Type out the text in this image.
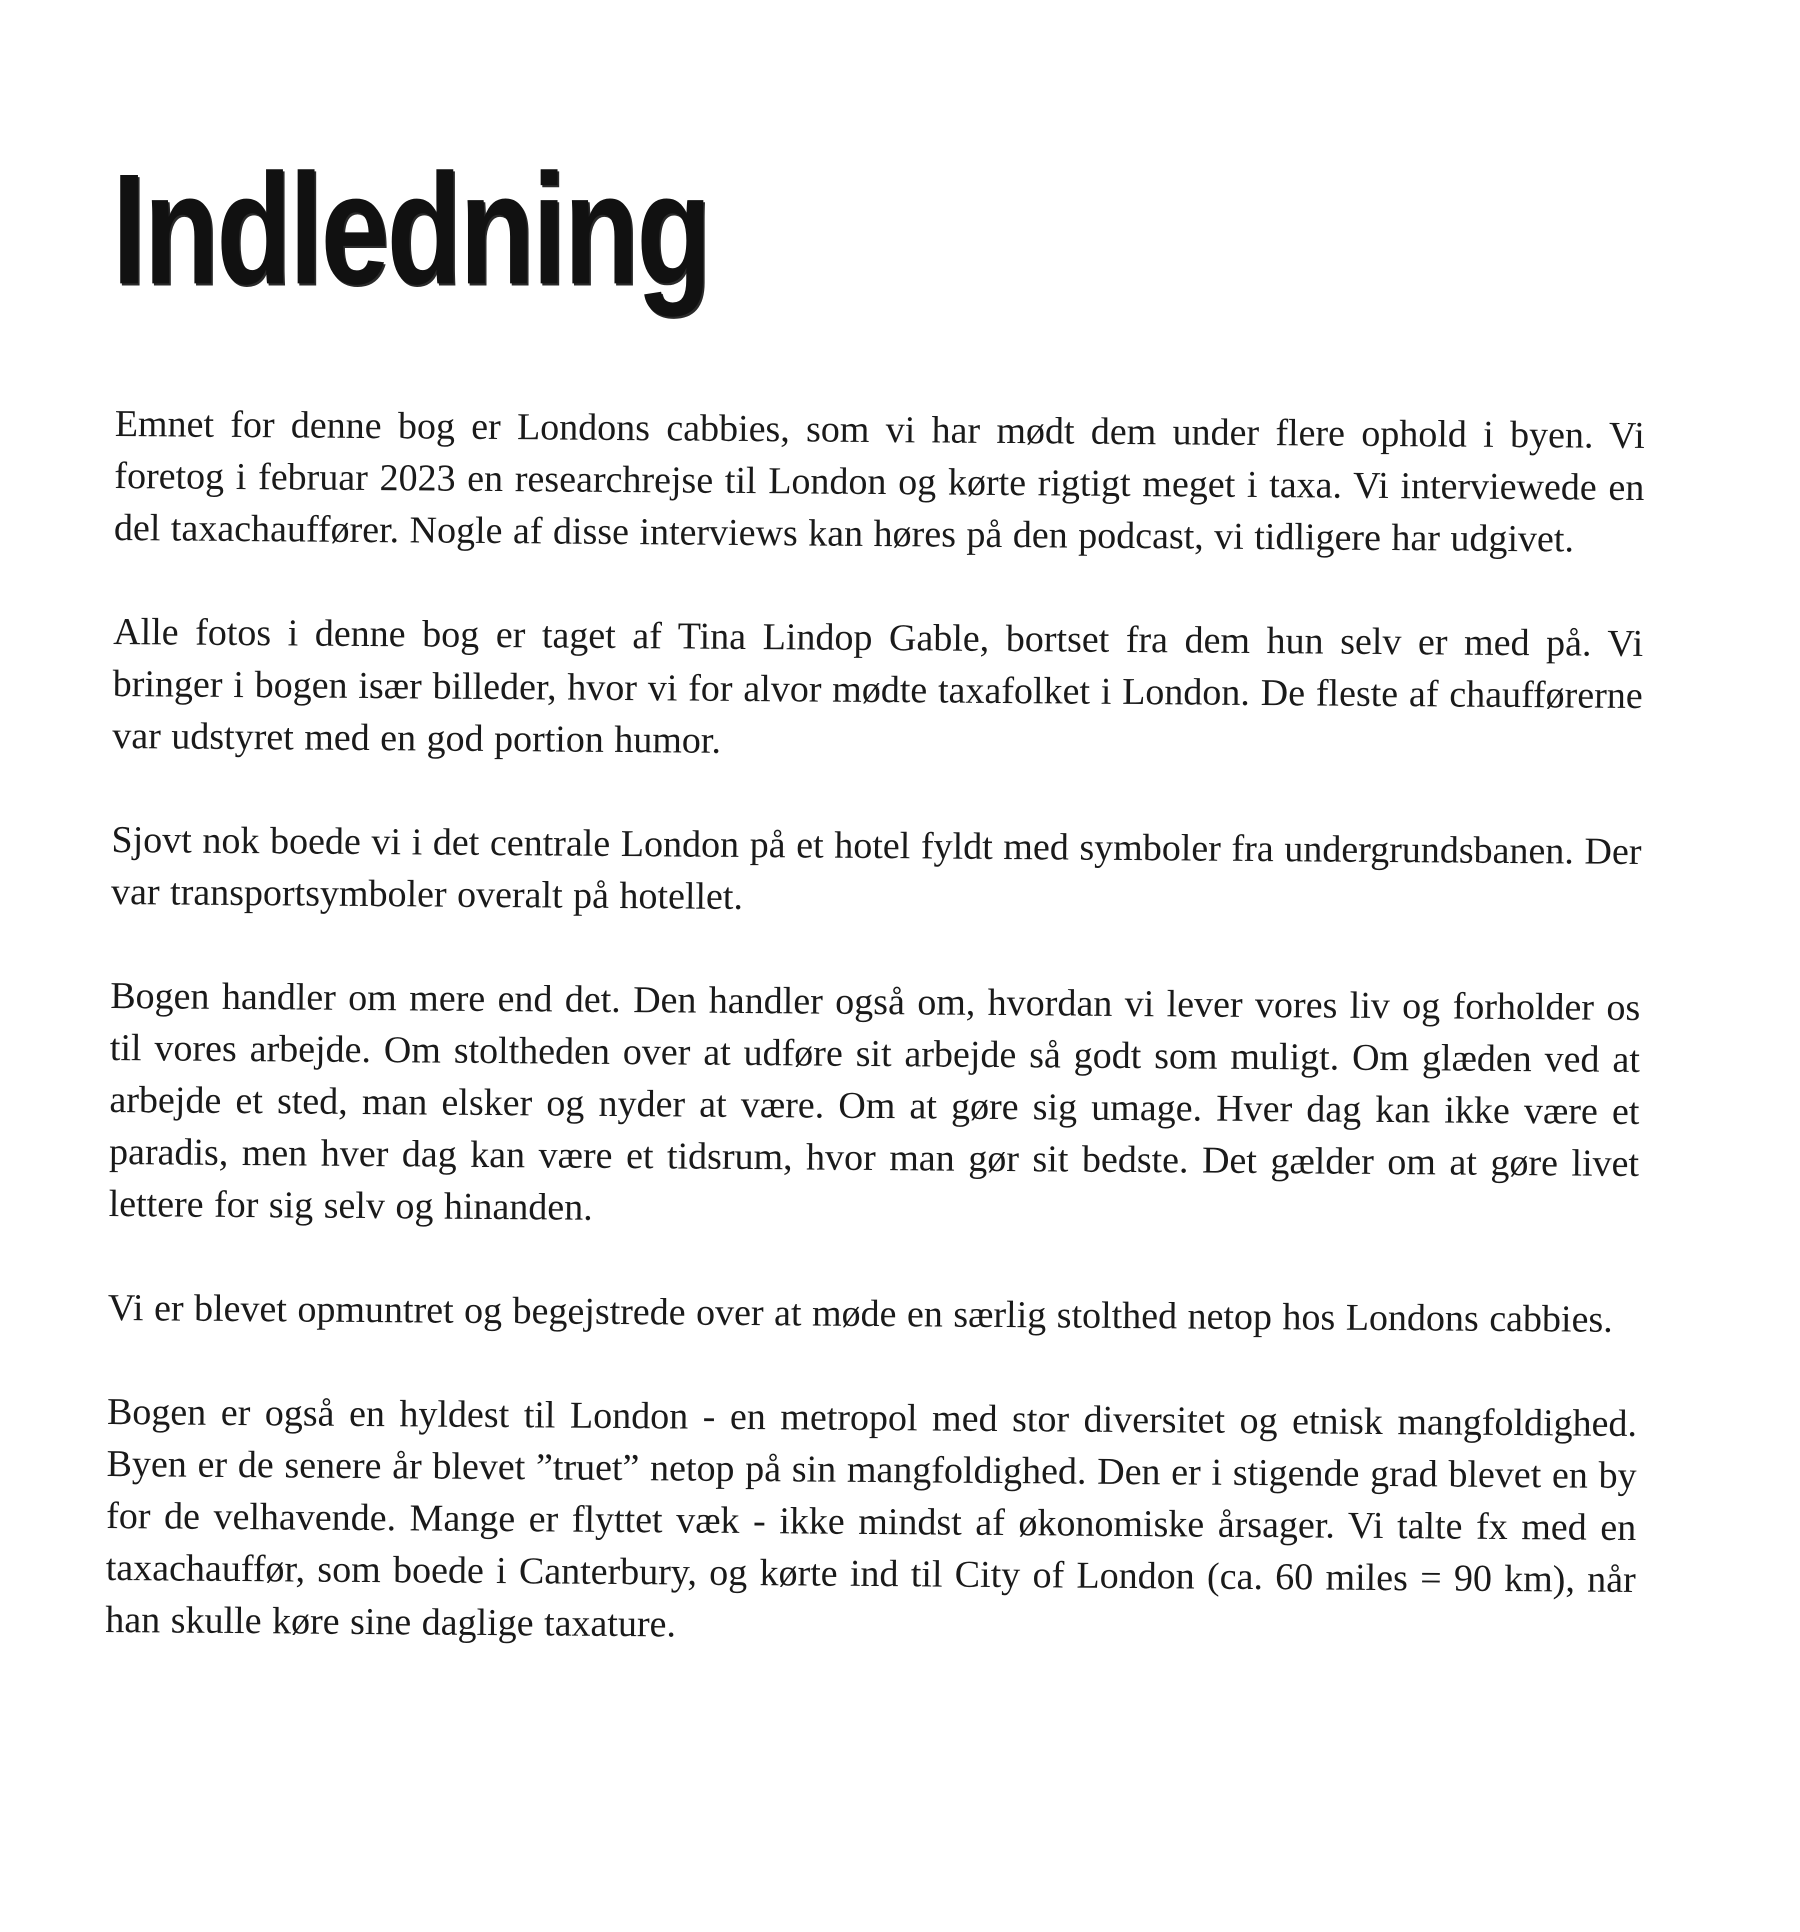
Indledning

Emnet for denne bog er Londons cabbies, som vi har mødt dem under flere ophold i byen. Vi foretog i februar 2023 en researchrejse til London og kørte rigtigt meget i taxa. Vi interviewede en del taxachauffører. Nogle af disse interviews kan høres på den podcast, vi tidligere har udgivet.

Alle fotos i denne bog er taget af Tina Lindop Gable, bortset fra dem hun selv er med på. Vi bringer i bogen især billeder, hvor vi for alvor mødte taxafolket i London. De fleste af chaufførerne var udstyret med en god portion humor.

Sjovt nok boede vi i det centrale London på et hotel fyldt med symboler fra undergrundsbanen. Der var transportsymboler overalt på hotellet.

Bogen handler om mere end det. Den handler også om, hvordan vi lever vores liv og forholder os til vores arbejde. Om stoltheden over at udføre sit arbejde så godt som muligt. Om glæden ved at arbejde et sted, man elsker og nyder at være. Om at gøre sig umage. Hver dag kan ikke være et paradis, men hver dag kan være et tidsrum, hvor man gør sit bedste. Det gælder om at gøre livet lettere for sig selv og hinanden.

Vi er blevet opmuntret og begejstrede over at møde en særlig stolthed netop hos Londons cabbies.

Bogen er også en hyldest til London - en metropol med stor diversitet og etnisk mangfoldighed. Byen er de senere år blevet ”truet” netop på sin mangfoldighed. Den er i stigende grad blevet en by for de velhavende. Mange er flyttet væk - ikke mindst af økonomiske årsager. Vi talte fx med en taxachauffør, som boede i Canterbury, og kørte ind til City of London (ca. 60 miles = 90 km), når han skulle køre sine daglige taxature.
